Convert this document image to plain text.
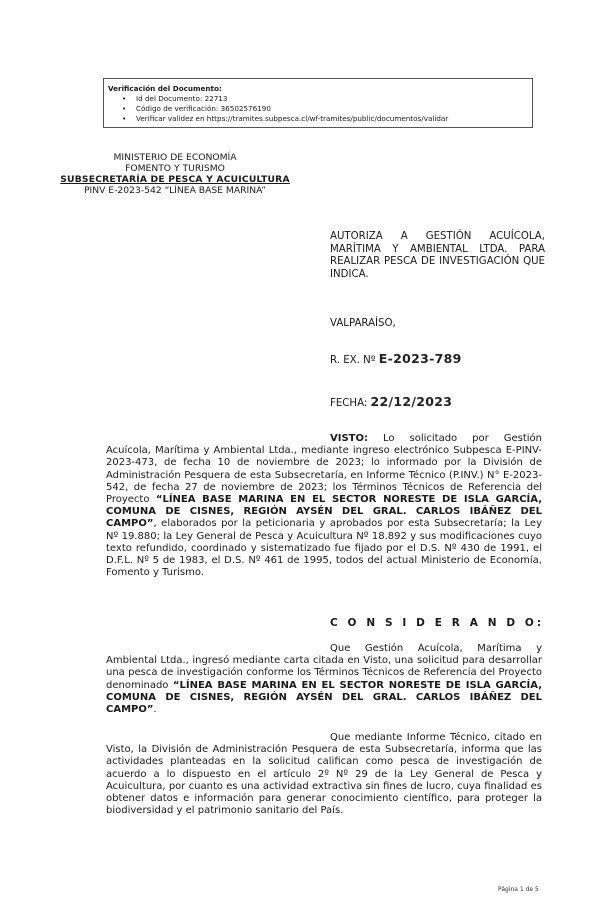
Verificación del Documento:
• Id del Documento: 22713
• Código de verificación: 36502576190
• Verificar validez en https://tramites.subpesca.cl/wf-tramites/public/documentos/validar
MINISTERIO DE ECONOMÍA
FOMENTO Y TURISMO
SUBSECRETARÍA DE PESCA Y ACUICULTURA
PINV E-2023-542 “LÍNEA BASE MARINA”
AUTORIZA A GESTIÓN ACUÍCOLA, MARÍTIMA Y AMBIENTAL LTDA. PARA REALIZAR PESCA DE INVESTIGACIÓN QUE INDICA.
VALPARAÍSO,
R. EX. Nº E-2023-789
FECHA: 22/12/2023
VISTO: Lo solicitado por Gestión Acuícola, Marítima y Ambiental Ltda., mediante ingreso electrónico Subpesca E-PINV-2023-473, de fecha 10 de noviembre de 2023; lo informado por la División de Administración Pesquera de esta Subsecretaría, en Informe Técnico (P.INV.) N° E-2023-542, de fecha 27 de noviembre de 2023; los Términos Técnicos de Referencia del Proyecto “LÍNEA BASE MARINA EN EL SECTOR NORESTE DE ISLA GARCÍA, COMUNA DE CISNES, REGIÓN AYSÉN DEL GRAL. CARLOS IBÁÑEZ DEL CAMPO”, elaborados por la peticionaria y aprobados por esta Subsecretaría; la Ley Nº 19.880; la Ley General de Pesca y Acuicultura Nº 18.892 y sus modificaciones cuyo texto refundido, coordinado y sistematizado fue fijado por el D.S. Nº 430 de 1991, el D.F.L. Nº 5 de 1983, el D.S. Nº 461 de 1995, todos del actual Ministerio de Economía, Fomento y Turismo.
C O N S I D E R A N D O:
Que Gestión Acuícola, Marítima y Ambiental Ltda., ingresó mediante carta citada en Visto, una solicitud para desarrollar una pesca de investigación conforme los Términos Técnicos de Referencia del Proyecto denominado “LÍNEA BASE MARINA EN EL SECTOR NORESTE DE ISLA GARCÍA, COMUNA DE CISNES, REGIÓN AYSÉN DEL GRAL. CARLOS IBÁÑEZ DEL CAMPO”.
Que mediante Informe Técnico, citado en Visto, la División de Administración Pesquera de esta Subsecretaría, informa que las actividades planteadas en la solicitud califican como pesca de investigación de acuerdo a lo dispuesto en el artículo 2º Nº 29 de la Ley General de Pesca y Acuicultura, por cuanto es una actividad extractiva sin fines de lucro, cuya finalidad es obtener datos e información para generar conocimiento científico, para proteger la biodiversidad y el patrimonio sanitario del País.
Página 1 de 5
